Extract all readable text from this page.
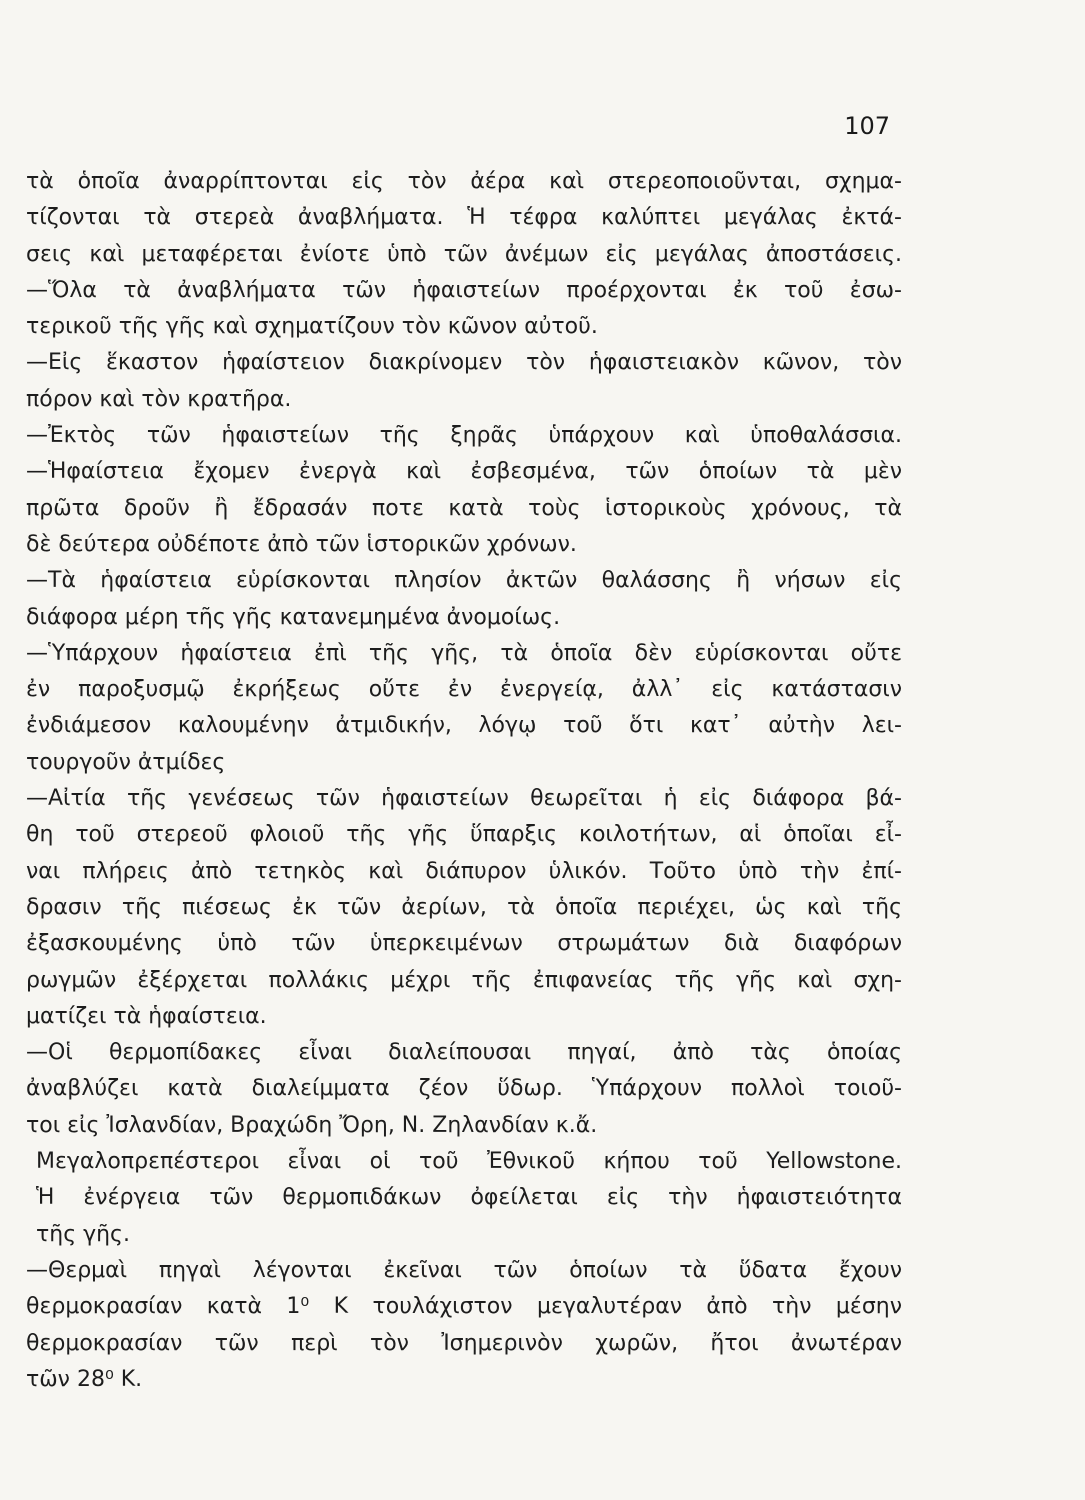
107

τὰ ὁποῖα ἀναρρίπτονται εἰς τὸν ἀέρα καὶ στερεοποιοῦνται, σχημα-

τίζονται τὰ στερεὰ ἀναβλήματα. Ἡ τέφρα καλύπτει μεγάλας ἐκτά-

σεις καὶ μεταφέρεται ἐνίοτε ὑπὸ τῶν ἀνέμων εἰς μεγάλας ἀποστάσεις.

—Ὅλα τὰ ἀναβλήματα τῶν ἡφαιστείων προέρχονται ἐκ τοῦ ἐσω-

τερικοῦ τῆς γῆς καὶ σχηματίζουν τὸν κῶνον αὐτοῦ.

—Εἰς ἕκαστον ἡφαίστειον διακρίνομεν τὸν ἡφαιστειακὸν κῶνον, τὸν

πόρον καὶ τὸν κρατῆρα.

—Ἐκτὸς τῶν ἡφαιστείων τῆς ξηρᾶς ὑπάρχουν καὶ ὑποθαλάσσια.

—Ἡφαίστεια ἔχομεν ἐνεργὰ καὶ ἐσβεσμένα, τῶν ὁποίων τὰ μὲν

πρῶτα δροῦν ἢ ἔδρασάν ποτε κατὰ τοὺς ἱστορικοὺς χρόνους, τὰ

δὲ δεύτερα οὐδέποτε ἀπὸ τῶν ἱστορικῶν χρόνων.

—Τὰ ἡφαίστεια εὑρίσκονται πλησίον ἀκτῶν θαλάσσης ἢ νήσων εἰς

διάφορα μέρη τῆς γῆς κατανεμημένα ἀνομοίως.

—Ὑπάρχουν ἡφαίστεια ἐπὶ τῆς γῆς, τὰ ὁποῖα δὲν εὑρίσκονται οὔτε

ἐν παροξυσμῷ ἐκρήξεως οὔτε ἐν ἐνεργείᾳ, ἀλλ᾽ εἰς κατάστασιν

ἐνδιάμεσον καλουμένην ἀτμιδικήν, λόγῳ τοῦ ὅτι κατ᾽ αὐτὴν λει-

τουργοῦν ἀτμίδες

—Αἰτία τῆς γενέσεως τῶν ἡφαιστείων θεωρεῖται ἡ εἰς διάφορα βά-

θη τοῦ στερεοῦ φλοιοῦ τῆς γῆς ὕπαρξις κοιλοτήτων, αἱ ὁποῖαι εἶ-

ναι πλήρεις ἀπὸ τετηκὸς καὶ διάπυρον ὑλικόν. Τοῦτο ὑπὸ τὴν ἐπί-

δρασιν τῆς πιέσεως ἐκ τῶν ἀερίων, τὰ ὁποῖα περιέχει, ὡς καὶ τῆς

ἐξασκουμένης ὑπὸ τῶν ὑπερκειμένων στρωμάτων διὰ διαφόρων

ρωγμῶν ἐξέρχεται πολλάκις μέχρι τῆς ἐπιφανείας τῆς γῆς καὶ σχη-

ματίζει τὰ ἡφαίστεια.

—Οἱ θερμοπίδακες εἶναι διαλείπουσαι πηγαί, ἀπὸ τὰς ὁποίας

ἀναβλύζει κατὰ διαλείμματα ζέον ὕδωρ. Ὑπάρχουν πολλοὶ τοιοῦ-

τοι εἰς Ἰσλανδίαν, Βραχώδη Ὄρη, Ν. Ζηλανδίαν κ.ἄ.

Μεγαλοπρεπέστεροι εἶναι οἱ τοῦ Ἐθνικοῦ κήπου τοῦ Yellowstone.

Ἡ ἐνέργεια τῶν θερμοπιδάκων ὀφείλεται εἰς τὴν ἡφαιστειότητα

τῆς γῆς.

—Θερμαὶ πηγαὶ λέγονται ἐκεῖναι τῶν ὁποίων τὰ ὕδατα ἔχουν

θερμοκρασίαν κατὰ 1⁰ Κ τουλάχιστον μεγαλυτέραν ἀπὸ τὴν μέσην

θερμοκρασίαν τῶν περὶ τὸν Ἰσημερινὸν χωρῶν, ἤτοι ἀνωτέραν

τῶν 28⁰ Κ.
